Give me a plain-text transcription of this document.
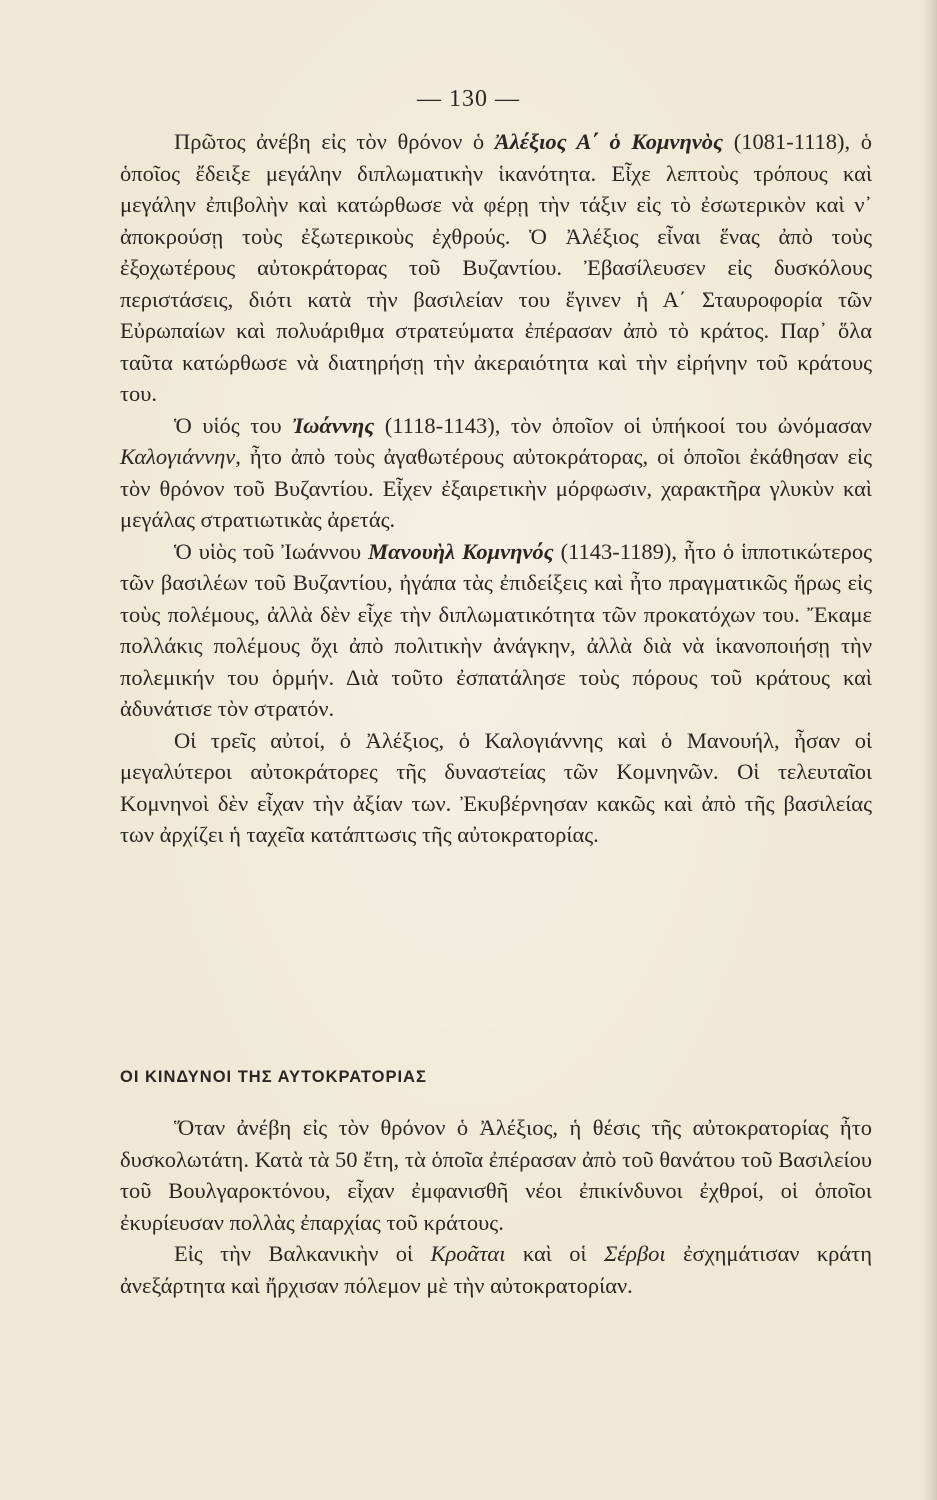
— 130 —

Πρῶτος ἀνέβη εἰς τὸν θρόνον ὁ Ἀλέξιος Α΄ ὁ Κομνηνὸς (1081-1118), ὁ ὁποῖος ἔδειξε μεγάλην διπλωματικὴν ἱκανότητα. Εἶχε λεπτοὺς τρόπους καὶ μεγάλην ἐπιβολὴν καὶ κατώρθωσε νὰ φέρῃ τὴν τάξιν εἰς τὸ ἐσωτερικὸν καὶ ν᾿ ἀποκρούσῃ τοὺς ἐξωτερικοὺς ἐχθρούς. Ὁ Ἀλέξιος εἶναι ἕνας ἀπὸ τοὺς ἐξοχωτέρους αὐτοκράτορας τοῦ Βυζαντίου. Ἐβασίλευσεν εἰς δυσκόλους περιστάσεις, διότι κατὰ τὴν βασιλείαν του ἔγινεν ἡ Α΄ Σταυροφορία τῶν Εὐρωπαίων καὶ πολυάριθμα στρατεύματα ἐπέρασαν ἀπὸ τὸ κράτος. Παρ᾿ ὅλα ταῦτα κατώρθωσε νὰ διατηρήσῃ τὴν ἀκεραιότητα καὶ τὴν εἰρήνην τοῦ κράτους του.

Ὁ υἱός του Ἰωάννης (1118-1143), τὸν ὁποῖον οἱ ὑπήκοοί του ὠνόμασαν Καλογιάννην, ἦτο ἀπὸ τοὺς ἀγαθωτέρους αὐτοκράτορας, οἱ ὁποῖοι ἐκάθησαν εἰς τὸν θρόνον τοῦ Βυζαντίου. Εἶχεν ἐξαιρετικὴν μόρφωσιν, χαρακτῆρα γλυκὺν καὶ μεγάλας στρατιωτικὰς ἀρετάς.

Ὁ υἱὸς τοῦ Ἰωάννου Μανουὴλ Κομνηνός (1143-1189), ἦτο ὁ ἱπποτικώτερος τῶν βασιλέων τοῦ Βυζαντίου, ἠγάπα τὰς ἐπιδείξεις καὶ ἦτο πραγματικῶς ἥρως εἰς τοὺς πολέμους, ἀλλὰ δὲν εἶχε τὴν διπλωματικότητα τῶν προκατόχων του. Ἔκαμε πολλάκις πολέμους ὄχι ἀπὸ πολιτικὴν ἀνάγκην, ἀλλὰ διὰ νὰ ἱκανοποιήσῃ τὴν πολεμικήν του ὁρμήν. Διὰ τοῦτο ἐσπατάλησε τοὺς πόρους τοῦ κράτους καὶ ἀδυνάτισε τὸν στρατόν.

Οἱ τρεῖς αὐτοί, ὁ Ἀλέξιος, ὁ Καλογιάννης καὶ ὁ Μανουήλ, ἦσαν οἱ μεγαλύτεροι αὐτοκράτορες τῆς δυναστείας τῶν Κομνηνῶν. Οἱ τελευταῖοι Κομνηνοὶ δὲν εἶχαν τὴν ἀξίαν των. Ἐκυβέρνησαν κακῶς καὶ ἀπὸ τῆς βασιλείας των ἀρχίζει ἡ ταχεῖα κατάπτωσις τῆς αὐτοκρατορίας.

ΟΙ ΚΙΝΔΥΝΟΙ ΤΗΣ ΑΥΤΟΚΡΑΤΟΡΙΑΣ

Ὅταν ἀνέβη εἰς τὸν θρόνον ὁ Ἀλέξιος, ἡ θέσις τῆς αὐτοκρατορίας ἦτο δυσκολωτάτη. Κατὰ τὰ 50 ἔτη, τὰ ὁποῖα ἐπέρασαν ἀπὸ τοῦ θανάτου τοῦ Βασιλείου τοῦ Βουλγαροκτόνου, εἶχαν ἐμφανισθῆ νέοι ἐπικίνδυνοι ἐχθροί, οἱ ὁποῖοι ἐκυρίευσαν πολλὰς ἐπαρχίας τοῦ κράτους.

Εἰς τὴν Βαλκανικὴν οἱ Κροᾶται καὶ οἱ Σέρβοι ἐσχημάτισαν κράτη ἀνεξάρτητα καὶ ἤρχισαν πόλεμον μὲ τὴν αὐτοκρατορίαν.
